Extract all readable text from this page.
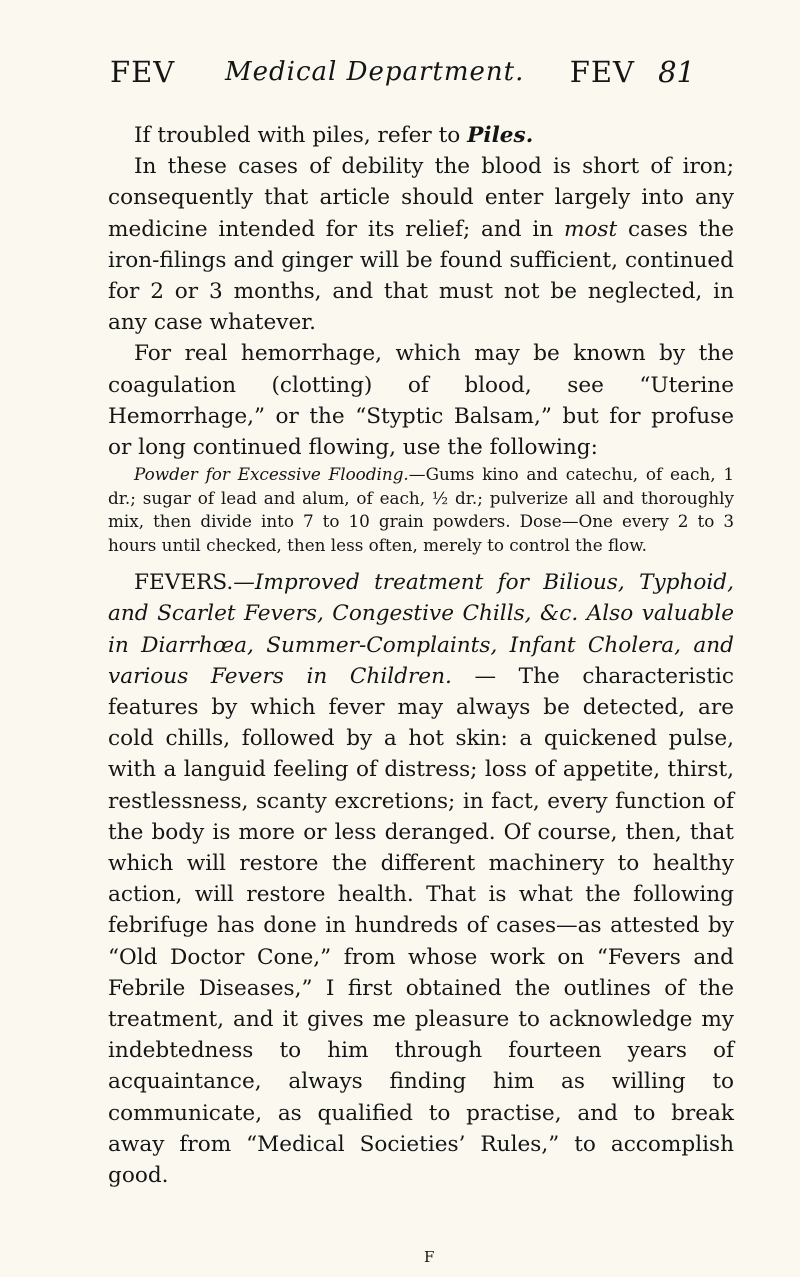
FEV Medical Department. FEV 81

If troubled with piles, refer to Piles.

In these cases of debility the blood is short of iron; consequently that article should enter largely into any medicine intended for its relief; and in most cases the iron-filings and ginger will be found sufficient, continued for 2 or 3 months, and that must not be neglected, in any case whatever.

For real hemorrhage, which may be known by the coagulation (clotting) of blood, see “Uterine Hemorrhage,” or the “Styptic Balsam,” but for profuse or long continued flowing, use the following:

Powder for Excessive Flooding.—Gums kino and catechu, of each, 1 dr.; sugar of lead and alum, of each, ½ dr.; pulverize all and thoroughly mix, then divide into 7 to 10 grain powders. Dose—One every 2 to 3 hours until checked, then less often, merely to control the flow.

FEVERS.—Improved treatment for Bilious, Typhoid, and Scarlet Fevers, Congestive Chills, &c. Also valuable in Diarrhœa, Summer-Complaints, Infant Cholera, and various Fevers in Children. — The characteristic features by which fever may always be detected, are cold chills, followed by a hot skin: a quickened pulse, with a languid feeling of distress; loss of appetite, thirst, restlessness, scanty excretions; in fact, every function of the body is more or less deranged. Of course, then, that which will restore the different machinery to healthy action, will restore health. That is what the following febrifuge has done in hundreds of cases—as attested by “Old Doctor Cone,” from whose work on “Fevers and Febrile Diseases,” I first obtained the outlines of the treatment, and it gives me pleasure to acknowledge my indebtedness to him through fourteen years of acquaintance, always finding him as willing to communicate, as qualified to practise, and to break away from “Medical Societies’ Rules,” to accomplish good.

F
